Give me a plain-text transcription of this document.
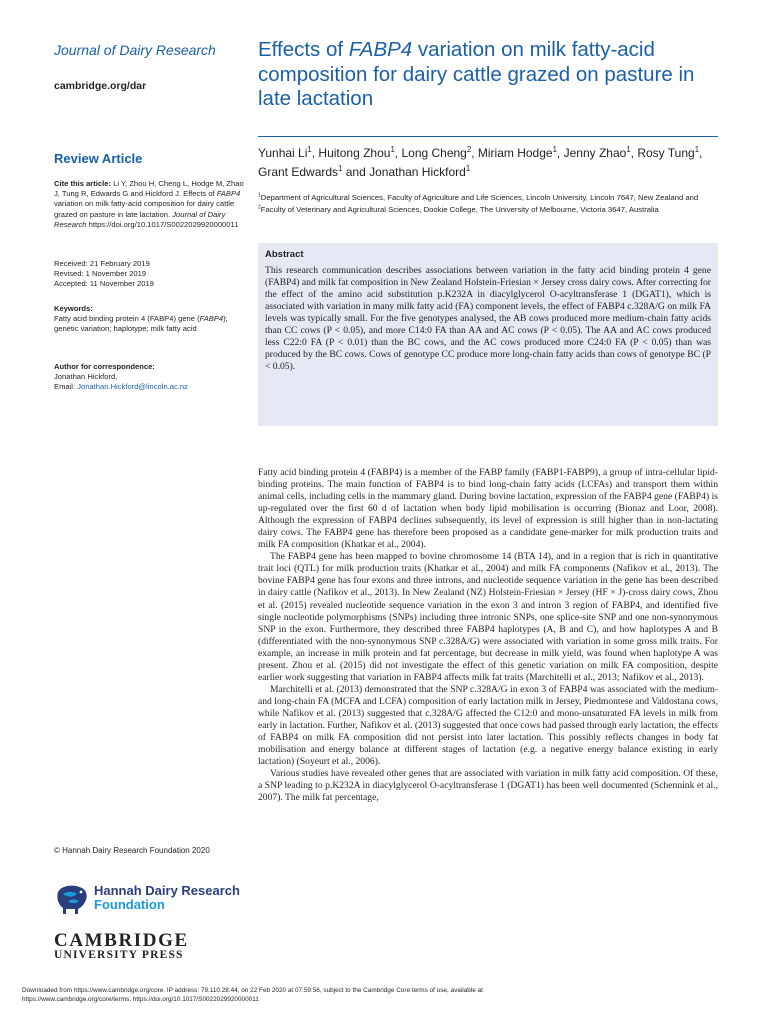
Journal of Dairy Research
cambridge.org/dar
Review Article
Cite this article: Li Y, Zhou H, Cheng L, Hodge M, Zhao J, Tung R, Edwards G and Hickford J. Effects of FABP4 variation on milk fatty-acid composition for dairy cattle grazed on pasture in late lactation. Journal of Dairy Research https://doi.org/10.1017/S0022029920000011
Received: 21 February 2019
Revised: 1 November 2019
Accepted: 11 November 2019
Keywords:
Fatty acid binding protein 4 (FABP4) gene (FABP4); genetic variation; haplotype; milk fatty acid
Author for correspondence:
Jonathan Hickford,
Email: Jonathan.Hickford@lincoln.ac.nz
© Hannah Dairy Research Foundation 2020
Hannah Dairy Research
Foundation
CAMBRIDGE
UNIVERSITY PRESS
Effects of FABP4 variation on milk fatty-acid composition for dairy cattle grazed on pasture in late lactation
Yunhai Li$^1$, Huitong Zhou$^1$, Long Cheng$^2$, Miriam Hodge$^1$, Jenny Zhao$^1$, Rosy Tung$^1$, Grant Edwards$^1$ and Jonathan Hickford$^1$
$^1$Department of Agricultural Sciences, Faculty of Agriculture and Life Sciences, Lincoln University, Lincoln 7647, New Zealand and $^2$Faculty of Veterinary and Agricultural Sciences, Dookie College, The University of Melbourne, Victoria 3647, Australia
Abstract
This research communication describes associations between variation in the fatty acid binding protein 4 gene (FABP4) and milk fat composition in New Zealand Holstein-Friesian × Jersey cross dairy cows. After correcting for the effect of the amino acid substitution p.K232A in diacylglycerol O-acyltransferase 1 (DGAT1), which is associated with variation in many milk fatty acid (FA) component levels, the effect of FABP4 c.328A/G on milk FA levels was typically small. For the five genotypes analysed, the AB cows produced more medium-chain fatty acids than CC cows (P < 0.05), and more C14:0 FA than AA and AC cows (P < 0.05). The AA and AC cows produced less C22:0 FA (P < 0.01) than the BC cows, and the AC cows produced more C24:0 FA (P < 0.05) than was produced by the BC cows. Cows of genotype CC produce more long-chain fatty acids than cows of genotype BC (P < 0.05).

Fatty acid binding protein 4 (FABP4) is a member of the FABP family (FABP1-FABP9), a group of intra-cellular lipid-binding proteins. The main function of FABP4 is to bind long-chain fatty acids (LCFAs) and transport them within animal cells, including cells in the mammary gland. During bovine lactation, expression of the FABP4 gene (FABP4) is up-regulated over the first 60 d of lactation when body lipid mobilisation is occurring (Bionaz and Loor, 2008). Although the expression of FABP4 declines subsequently, its level of expression is still higher than in non-lactating dairy cows. The FABP4 gene has therefore been proposed as a candidate gene-marker for milk production traits and milk FA composition (Khatkar et al., 2004).

The FABP4 gene has been mapped to bovine chromosome 14 (BTA 14), and in a region that is rich in quantitative trait loci (QTL) for milk production traits (Khatkar et al., 2004) and milk FA components (Nafikov et al., 2013). The bovine FABP4 gene has four exons and three introns, and nucleotide sequence variation in the gene has been described in dairy cattle (Nafikov et al., 2013). In New Zealand (NZ) Holstein-Friesian × Jersey (HF × J)-cross dairy cows, Zhou et al. (2015) revealed nucleotide sequence variation in the exon 3 and intron 3 region of FABP4, and identified five single nucleotide polymorphisms (SNPs) including three intronic SNPs, one splice-site SNP and one non-synonymous SNP in the exon. Furthermore, they described three FABP4 haplotypes (A, B and C), and how haplotypes A and B (differentiated with the non-synonymous SNP c.328A/G) were associated with variation in some gross milk traits. For example, an increase in milk protein and fat percentage, but decrease in milk yield, was found when haplotype A was present. Zhou et al. (2015) did not investigate the effect of this genetic variation on milk FA composition, despite earlier work suggesting that variation in FABP4 affects milk fat traits (Marchitelli et al., 2013; Nafikov et al., 2013).

Marchitelli et al. (2013) demonstrated that the SNP c.328A/G in exon 3 of FABP4 was associated with the medium- and long-chain FA (MCFA and LCFA) composition of early lactation milk in Jersey, Piedmontese and Valdostana cows, while Nafikov et al. (2013) suggested that c.328A/G affected the C12:0 and mono-unsaturated FA levels in milk from early in lactation. Further, Nafikov et al. (2013) suggested that once cows had passed through early lactation, the effects of FABP4 on milk FA composition did not persist into later lactation. This possibly reflects changes in body fat mobilisation and energy balance at different stages of lactation (e.g. a negative energy balance existing in early lactation) (Soyeurt et al., 2006).

Various studies have revealed other genes that are associated with variation in milk fatty acid composition. Of these, a SNP leading to p.K232A in diacylglycerol O-acyltransferase 1 (DGAT1) has been well documented (Schennink et al., 2007). The milk fat percentage,

Downloaded from https://www.cambridge.org/core. IP address: 79.110.28.44, on 22 Feb 2020 at 07:59:56, subject to the Cambridge Core terms of use, available at
https://www.cambridge.org/core/terms. https://doi.org/10.1017/S0022029920000011
